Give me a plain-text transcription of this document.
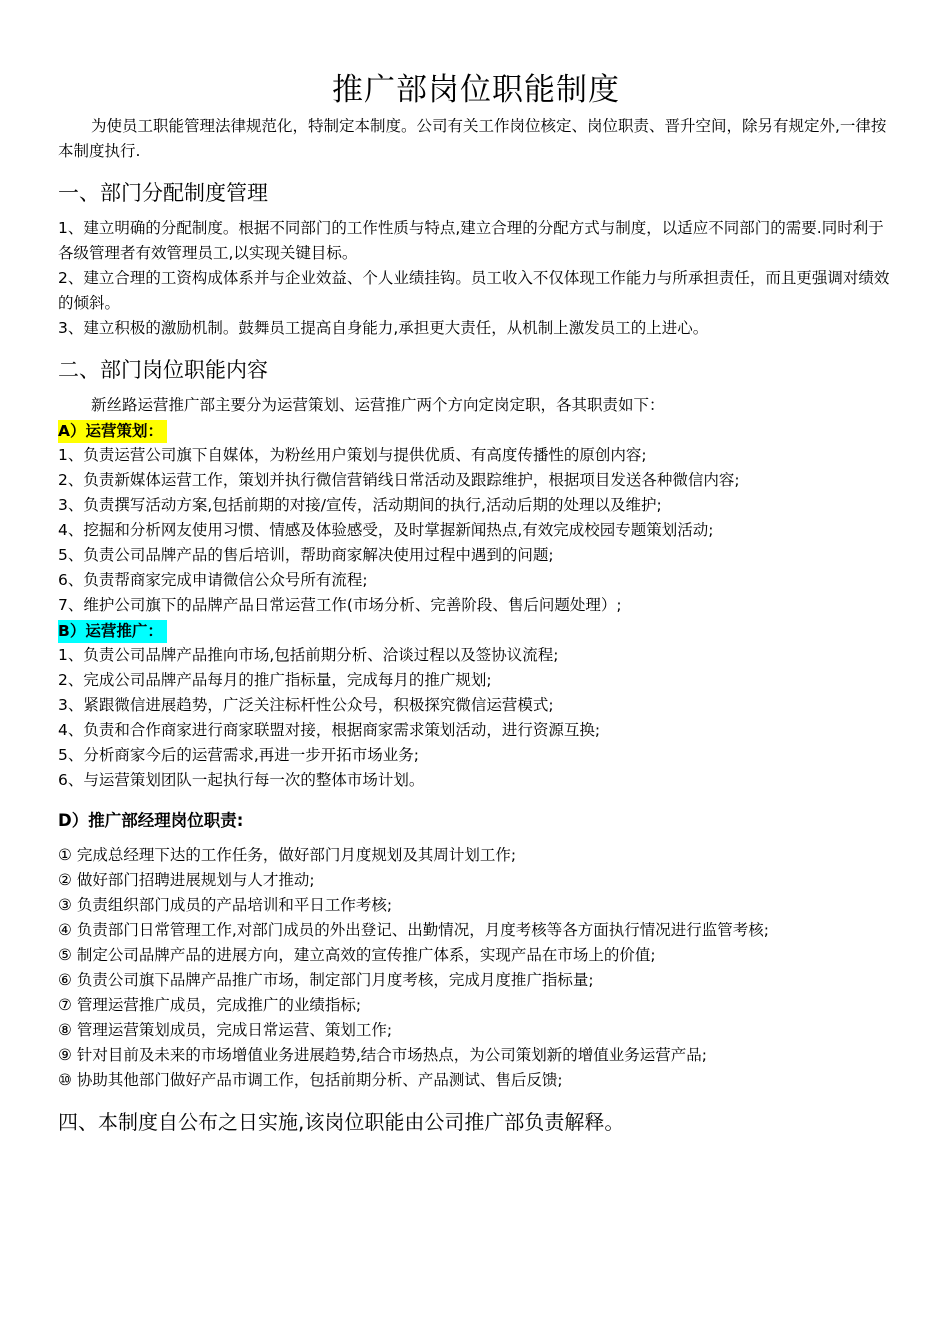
推广部岗位职能制度

为使员工职能管理法律规范化，特制定本制度。公司有关工作岗位核定、岗位职责、晋升空间，除另有规定外,一律按本制度执行.

一、部门分配制度管理

1、建立明确的分配制度。根据不同部门的工作性质与特点,建立合理的分配方式与制度，以适应不同部门的需要.同时利于各级管理者有效管理员工,以实现关键目标。

2、建立合理的工资构成体系并与企业效益、个人业绩挂钩。员工收入不仅体现工作能力与所承担责任，而且更强调对绩效的倾斜。

3、建立积极的激励机制。鼓舞员工提高自身能力,承担更大责任，从机制上激发员工的上进心。

二、部门岗位职能内容

新丝路运营推广部主要分为运营策划、运营推广两个方向定岗定职，各其职责如下：

A）运营策划：

1、负责运营公司旗下自媒体，为粉丝用户策划与提供优质、有高度传播性的原创内容;

2、负责新媒体运营工作，策划并执行微信营销线日常活动及跟踪维护，根据项目发送各种微信内容;

3、负责撰写活动方案,包括前期的对接/宣传，活动期间的执行,活动后期的处理以及维护;

4、挖掘和分析网友使用习惯、情感及体验感受，及时掌握新闻热点,有效完成校园专题策划活动;

5、负责公司品牌产品的售后培训，帮助商家解决使用过程中遇到的问题;

6、负责帮商家完成申请微信公众号所有流程;

7、维护公司旗下的品牌产品日常运营工作(市场分析、完善阶段、售后问题处理）;

B）运营推广：

1、负责公司品牌产品推向市场,包括前期分析、洽谈过程以及签协议流程;

2、完成公司品牌产品每月的推广指标量，完成每月的推广规划;

3、紧跟微信进展趋势，广泛关注标杆性公众号，积极探究微信运营模式;

4、负责和合作商家进行商家联盟对接，根据商家需求策划活动，进行资源互换;

5、分析商家今后的运营需求,再进一步开拓市场业务;

6、与运营策划团队一起执行每一次的整体市场计划。

D）推广部经理岗位职责:

① 完成总经理下达的工作任务，做好部门月度规划及其周计划工作;

② 做好部门招聘进展规划与人才推动;

③ 负责组织部门成员的产品培训和平日工作考核;

④ 负责部门日常管理工作,对部门成员的外出登记、出勤情况，月度考核等各方面执行情况进行监管考核;

⑤ 制定公司品牌产品的进展方向，建立高效的宣传推广体系，实现产品在市场上的价值;

⑥ 负责公司旗下品牌产品推广市场，制定部门月度考核，完成月度推广指标量;

⑦ 管理运营推广成员，完成推广的业绩指标;

⑧ 管理运营策划成员，完成日常运营、策划工作;

⑨ 针对目前及未来的市场增值业务进展趋势,结合市场热点，为公司策划新的增值业务运营产品;

⑩ 协助其他部门做好产品市调工作，包括前期分析、产品测试、售后反馈;

四、本制度自公布之日实施,该岗位职能由公司推广部负责解释。
